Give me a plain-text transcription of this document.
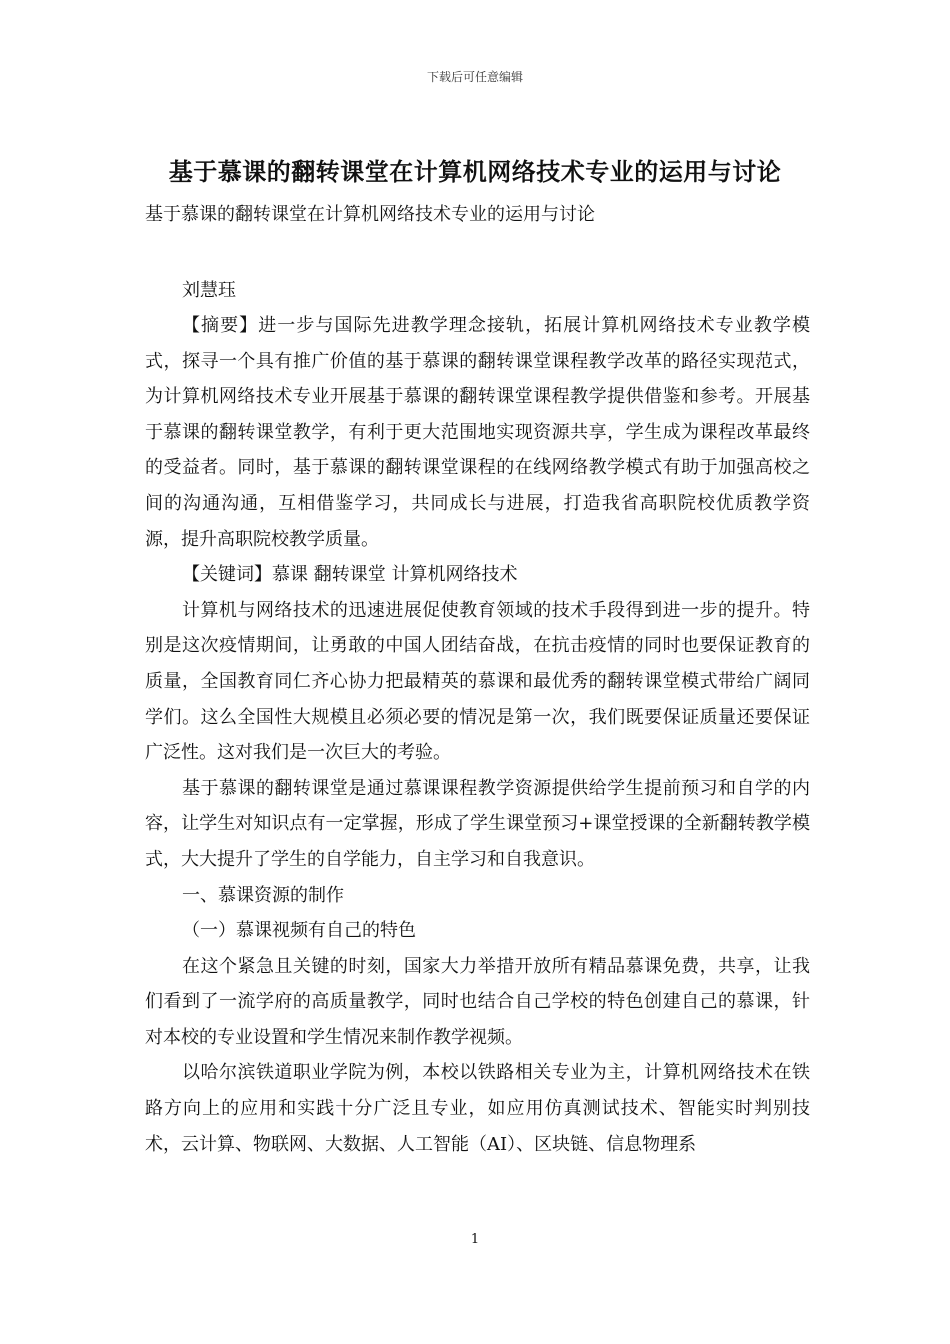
下载后可任意编辑
基于慕课的翻转课堂在计算机网络技术专业的运用与讨论
基于慕课的翻转课堂在计算机网络技术专业的运用与讨论
刘慧珏

【摘要】进一步与国际先进教学理念接轨，拓展计算机网络技术专业教学模式，探寻一个具有推广价值的基于慕课的翻转课堂课程教学改革的路径实现范式，为计算机网络技术专业开展基于慕课的翻转课堂课程教学提供借鉴和参考。开展基于慕课的翻转课堂教学，有利于更大范围地实现资源共享，学生成为课程改革最终的受益者。同时，基于慕课的翻转课堂课程的在线网络教学模式有助于加强高校之间的沟通沟通，互相借鉴学习，共同成长与进展，打造我省高职院校优质教学资源，提升高职院校教学质量。

【关键词】慕课 翻转课堂 计算机网络技术

计算机与网络技术的迅速进展促使教育领域的技术手段得到进一步的提升。特别是这次疫情期间，让勇敢的中国人团结奋战，在抗击疫情的同时也要保证教育的质量，全国教育同仁齐心协力把最精英的慕课和最优秀的翻转课堂模式带给广阔同学们。这么全国性大规模且必须必要的情况是第一次，我们既要保证质量还要保证广泛性。这对我们是一次巨大的考验。

基于慕课的翻转课堂是通过慕课课程教学资源提供给学生提前预习和自学的内容，让学生对知识点有一定掌握，形成了学生课堂预习+课堂授课的全新翻转教学模式，大大提升了学生的自学能力，自主学习和自我意识。

一、慕课资源的制作

（一）慕课视频有自己的特色

在这个紧急且关键的时刻，国家大力举措开放所有精品慕课免费，共享，让我们看到了一流学府的高质量教学，同时也结合自己学校的特色创建自己的慕课，针对本校的专业设置和学生情况来制作教学视频。

以哈尔滨铁道职业学院为例，本校以铁路相关专业为主，计算机网络技术在铁路方向上的应用和实践十分广泛且专业，如应用仿真测试技术、智能实时判别技术，云计算、物联网、大数据、人工智能（AI）、区块链、信息物理系

1
